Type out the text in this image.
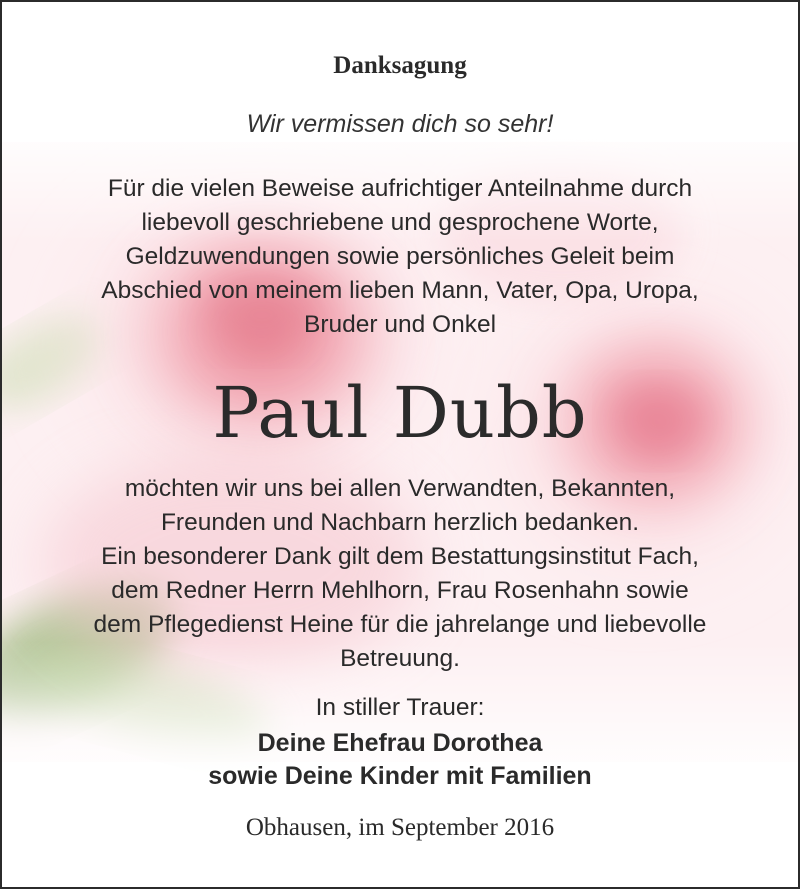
Danksagung
Wir vermissen dich so sehr!
Für die vielen Beweise aufrichtiger Anteilnahme durch
liebevoll geschriebene und gesprochene Worte,
Geldzuwendungen sowie persönliches Geleit beim
Abschied von meinem lieben Mann, Vater, Opa, Uropa,
Bruder und Onkel
Paul Dubb
möchten wir uns bei allen Verwandten, Bekannten,
Freunden und Nachbarn herzlich bedanken.
Ein besonderer Dank gilt dem Bestattungsinstitut Fach,
dem Redner Herrn Mehlhorn, Frau Rosenhahn sowie
dem Pflegedienst Heine für die jahrelange und liebevolle
Betreuung.
In stiller Trauer:
Deine Ehefrau Dorothea
sowie Deine Kinder mit Familien
Obhausen, im September 2016
